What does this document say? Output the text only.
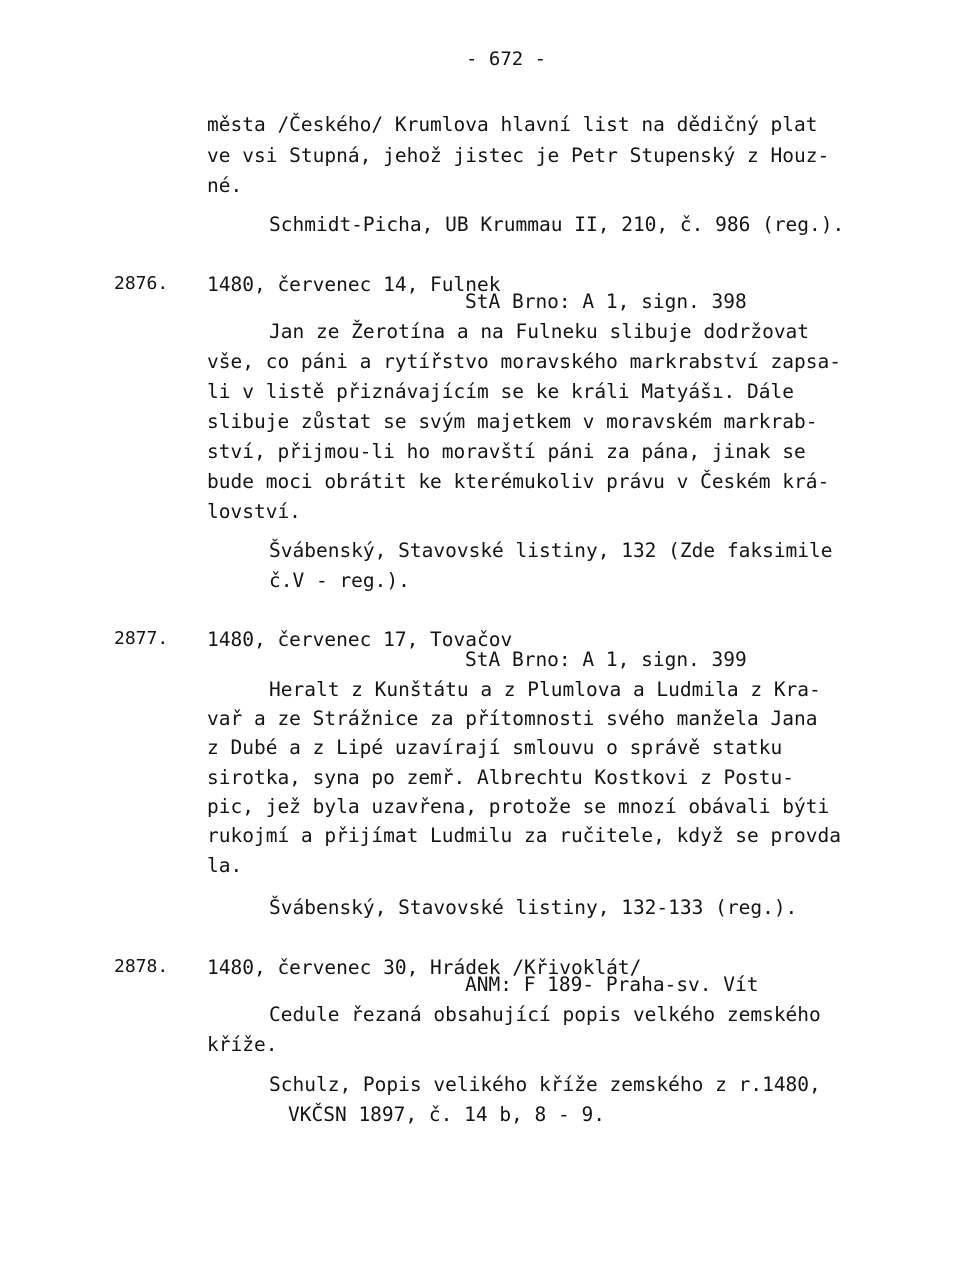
- 672 -
města /Českého/ Krumlova hlavní list na dědičný plat
ve vsi Stupná, jehož jistec je Petr Stupenský z Houz-
né.
Schmidt-Picha, UB Krummau II, 210, č. 986 (reg.).
2876. 1480, červenec 14, Fulnek
StA Brno: A 1, sign. 398
Jan ze Žerotína a na Fulneku slibuje dodržovat
vše, co páni a rytířstvo moravského markrabství zapsa-
li v listě přiznávajícím se ke králi Matyášı. Dále
slibuje zůstat se svým majetkem v moravském markrab-
ství, přijmou-li ho moravští páni za pána, jinak se
bude moci obrátit ke kterémukoliv právu v Českém krá-
lovství.
Švábenský, Stavovské listiny, 132 (Zde faksimile
č.V - reg.).
2877. 1480, červenec 17, Tovačov
StA Brno: A 1, sign. 399
Heralt z Kunštátu a z Plumlova a Ludmila z Kra-
vař a ze Strážnice za přítomnosti svého manžela Jana
z Dubé a z Lipé uzavírají smlouvu o správě statku
sirotka, syna po zemř. Albrechtu Kostkovi z Postu-
pic, jež byla uzavřena, protože se mnozí obávali býti
rukojmí a přijímat Ludmilu za ručitele, když se provda
la.
Švábenský, Stavovské listiny, 132-133 (reg.).
2878. 1480, červenec 30, Hrádek /Křivoklát/
ANM: F 189- Praha-sv. Vít
Cedule řezaná obsahující popis velkého zemského
kříže.
Schulz, Popis velikého kříže zemského z r.1480,
VKČSN 1897, č. 14 b, 8 - 9.
